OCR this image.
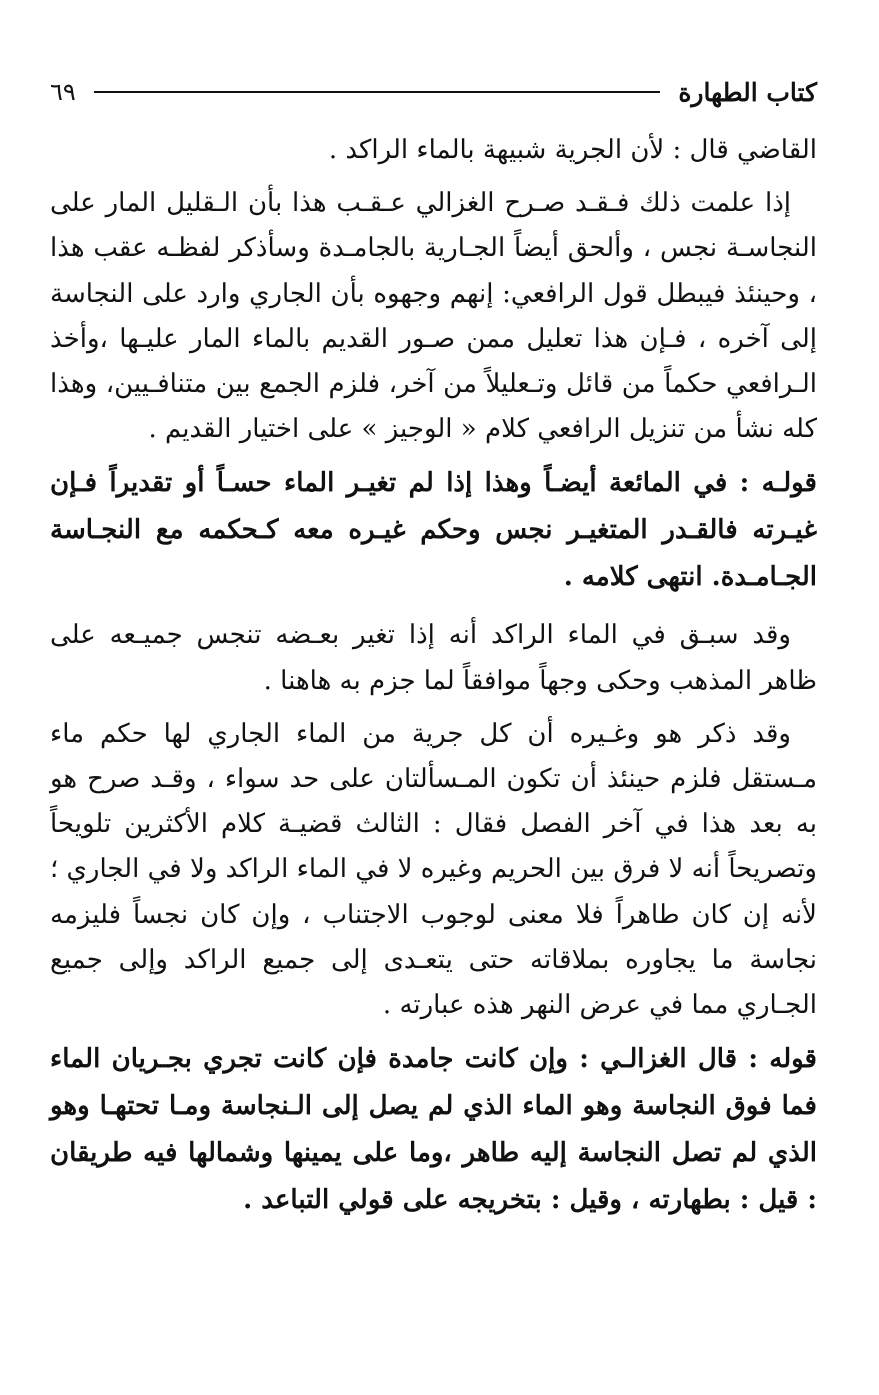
كتاب الطهارة
٦٩

القاضي قال : لأن الجرية شبيهة بالماء الراكد .

إذا علمت ذلك فـقـد صـرح الغزالي عـقـب هذا بأن الـقليل المار على النجاسـة نجس ، وألحق أيضاً الجـارية بالجامـدة وسأذكر لفظـه عقب هذا ، وحينئذ فيبطل قول الرافعي: إنهم وجهوه بأن الجاري وارد على النجاسة إلى آخره ، فـإن هذا تعليل ممن صـور القديم بالماء المار عليـها ،وأخذ الـرافعي حكماً من قائل وتـعليلاً من آخر، فلزم الجمع بين متنافـيين، وهذا كله نشأ من تنزيل الرافعي كلام « الوجيز » على اختيار القديم .

قولـه : في المائعة أيضـاً وهذا إذا لم تغيـر الماء حسـاً أو تقديراً فـإن غيـرته فالقـدر المتغيـر نجس وحكم غيـره معه كـحكمه مع النجـاسة الجـامـدة. انتهى كلامه .

وقد سبـق في الماء الراكد أنه إذا تغير بعـضه تنجس جميـعه على ظاهر المذهب وحكى وجهاً موافقاً لما جزم به هاهنا .

وقد ذكر هو وغـيره أن كل جرية من الماء الجاري لها حكم ماء مـستقل فلزم حينئذ أن تكون المـسألتان على حد سواء ، وقـد صرح هو به بعد هذا في آخر الفصل فقال : الثالث قضيـة كلام الأكثرين تلويحاً وتصريحاً أنه لا فرق بين الحريم وغيره لا في الماء الراكد ولا في الجاري ؛ لأنه إن كان طاهراً فلا معنى لوجوب الاجتناب ، وإن كان نجساً فليزمه نجاسة ما يجاوره بملاقاته حتى يتعـدى إلى جميع الراكد وإلى جميع الجـاري مما في عرض النهر هذه عبارته .

قوله : قال الغزالـي : وإن كانت جامدة فإن كانت تجري بجـريان الماء فما فوق النجاسة وهو الماء الذي لم يصل إلى الـنجاسة ومـا تحتهـا وهو الذي لم تصل النجاسة إليه طاهر ،وما على يمينها وشمالها فيه طريقان : قيل : بطهارته ، وقيل : بتخريجه على قولي التباعد .
